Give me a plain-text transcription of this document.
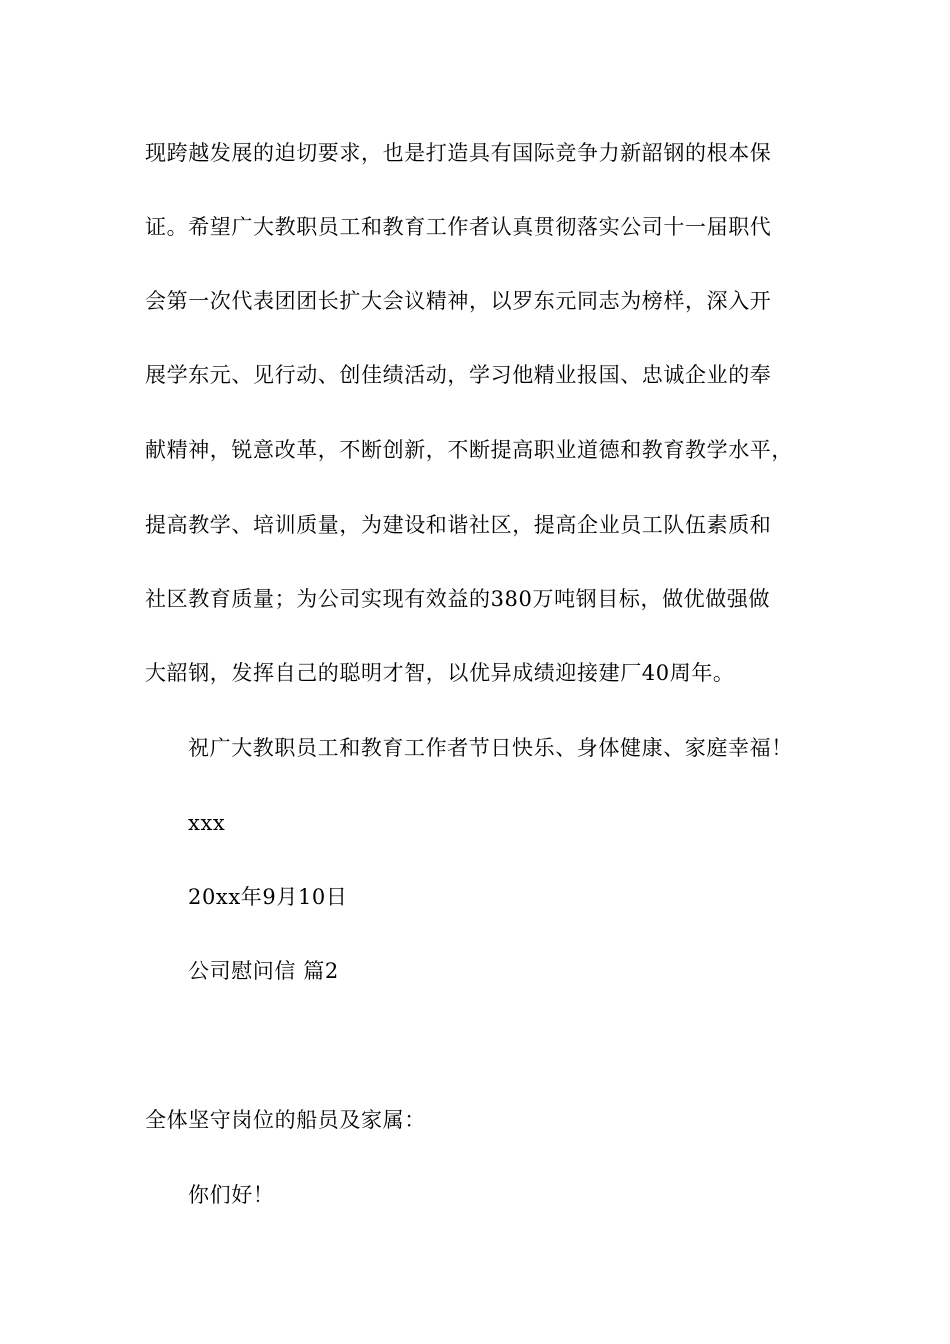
现跨越发展的迫切要求，也是打造具有国际竞争力新韶钢的根本保
证。希望广大教职员工和教育工作者认真贯彻落实公司十一届职代
会第一次代表团团长扩大会议精神，以罗东元同志为榜样，深入开
展学东元、见行动、创佳绩活动，学习他精业报国、忠诚企业的奉
献精神，锐意改革，不断创新，不断提高职业道德和教育教学水平，
提高教学、培训质量，为建设和谐社区，提高企业员工队伍素质和
社区教育质量；为公司实现有效益的380万吨钢目标，做优做强做
大韶钢，发挥自己的聪明才智，以优异成绩迎接建厂40周年。
祝广大教职员工和教育工作者节日快乐、身体健康、家庭幸福！
xxx
20xx年9月10日
公司慰问信 篇2
全体坚守岗位的船员及家属：
你们好！
